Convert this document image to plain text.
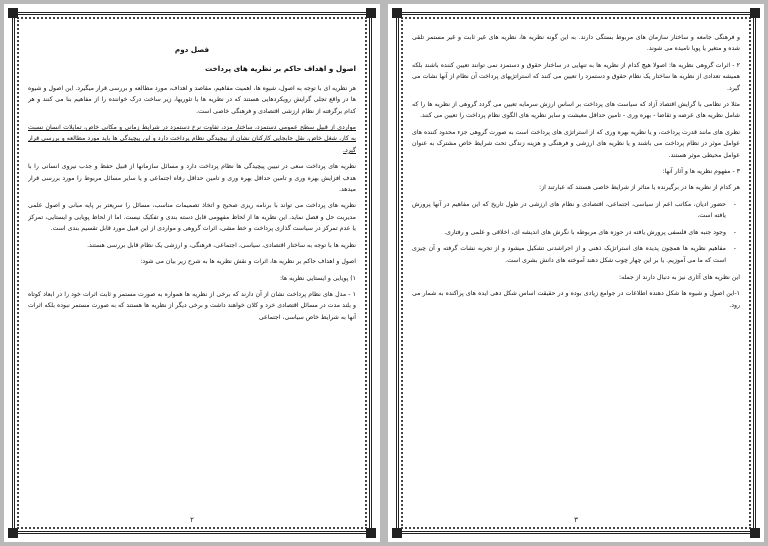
فصل دوم
اصول و اهداف حاکم بر نظریه های پرداخت

هر نظریه ای با توجه به اصول، شیوه ها، اهمیت مفاهیم، مقاصد و اهداف، مورد مطالعه و بررسی قرار میگیرد. این اصول و شیوه ها در واقع تجلی گرایش رویکردهایی هستند که در نظریه ها یا تئوریها، زیر ساخت درک خواننده را از مفاهیم بنا می کنند و هر کدام برگرفته از نظام ارزشی اقتصادی و فرهنگی خاصی است.

مواردی از قبیل سطح عمومی دستمزد، ساختار مزد، تفاوت نرخ دستمزد در شرایط زمانی و مکانی خاص، تمایلات انسان نسبت به کار، شغل خاص، نقل جابجایی کارکنان نشان از پیچیدگی نظام پرداخت دارد و این پیچیدگی ها باید مورد مطالعه و بررسی قرار گیرد.

نظریه های پرداخت سعی در تبیین پیچیدگی ها نظام پرداخت دارد و مسائل سازمانها از قبیل حفظ و جذب نیروی انسانی را با هدف افزایش بهره وری و تامین حداقل بهره وری و تامین حداقل رفاه اجتماعی و یا سایر مسائل مربوط را مورد بررسی قرار میدهد.

نظریه های پرداخت می تواند با برنامه ریزی صحیح و اتخاذ تصمیمات مناسب، مسائل را سریعتر بر پایه مبانی و اصول علمی مدیریت حل و فصل نماید. این نظریه ها از لحاظ مفهومی قابل دسته بندی و تفکیک نیست. اما از لحاظ پویایی و ایستایی، تمرکز یا عدم تمرکز در سیاست گذاری پرداخت و خط مشی، اثرات گروهی و مواردی از این قبیل مورد قابل تقسیم بندی است.

نظریه ها با توجه به ساختار اقتصادی، سیاسی، اجتماعی، فرهنگی، و ارزشی یک نظام قابل بررسی هستند.

اصول و اهداف حاکم بر نظریه ها، اثرات و نقش نظریه ها به شرح زیر بیان می شود:

۱) پویایی و ایستایی نظریه ها:

۱ - مدل های نظام پرداخت نشان از آن دارند که برخی از نظریه ها همواره به صورت مستمر و ثابت اثرات خود را در ابعاد کوتاه و بلند مدت در مسائل اقتصادی خرد و کلان خواهند داشت و برخی دیگر از نظریه ها هستند که به صورت مستمر نبوده بلکه اثرات آنها به شرایط خاص سیاسی، اجتماعی

۲

و فرهنگی جامعه و ساختار سازمان های مربوط بستگی دارند. به این گونه نظریه ها، نظریه های غیر ثابت و غیر مستمر تلقی شده و متغیر یا پویا نامیده می شوند.

۲ - اثرات گروهی نظریه ها: اصولا هیچ کدام از نظریه ها به تنهایی در ساختار حقوق و دستمزد نمی توانند تعیین کننده باشند بلکه همیشه تعدادی از نظریه ها ساختار یک نظام حقوق و دستمزد را تعیین می کنند که استراتژیهای پرداخت آن نظام از آنها نشات می گیرد.

مثلا در نظامی با گرایش اقتصاد آزاد که سیاست های پرداخت بر اساس ارزش سرمایه تعیین می گردد گروهی از نظریه ها را که شامل نظریه های عرضه و تقاضا - بهره وری - تامین حداقل معیشت و سایر نظریه های الگوی نظام پرداخت را تعیین می کنند.

نظری های مانند قدرت پرداخت، و یا نظریه بهره وری که از استراتژی های پرداخت است به صورت گروهی جزء محدود کننده های عوامل موثر در نظام پرداخت می باشند و یا نظریه های ارزشی و فرهنگی و هزینه زندگی تحت شرایط خاص مشترک به عنوان عوامل محیطی موثر هستند.

۳ - مفهوم نظریه ها و آثار آنها:

هر کدام از نظریه ها در برگیرنده یا متاثر از شرایط خاصی هستند که عبارتند از:

- حضور ادیان، مکاتب اعم از سیاسی، اجتماعی، اقتصادی و نظام های ارزشی در طول تاریخ که این مفاهیم در آنها پرورش یافته است.
- وجود جنبه های فلسفی پرورش یافته در حوزه های مربوطه با نگرش های اندیشه ای، اخلاقی و علمی و رفتاری.
- مفاهیم نظریه ها همچون پدیده های استراتژیک ذهنی و از اجراشدنی تشکیل میشود و از تجربه نشات گرفته و آن چیزی است که ما می آموزیم. یا بر این چهار چوب شکل دهند آموخته های دانش بشری است.

این نظریه های آثاری نیز به دنبال دارند از جمله:

۱-این اصول و شیوه ها شکل دهنده اطلاعات در جوامع زیادی بوده و در حقیقت اساس شکل دهی ایده های پراکنده به شمار می رود.

۳
